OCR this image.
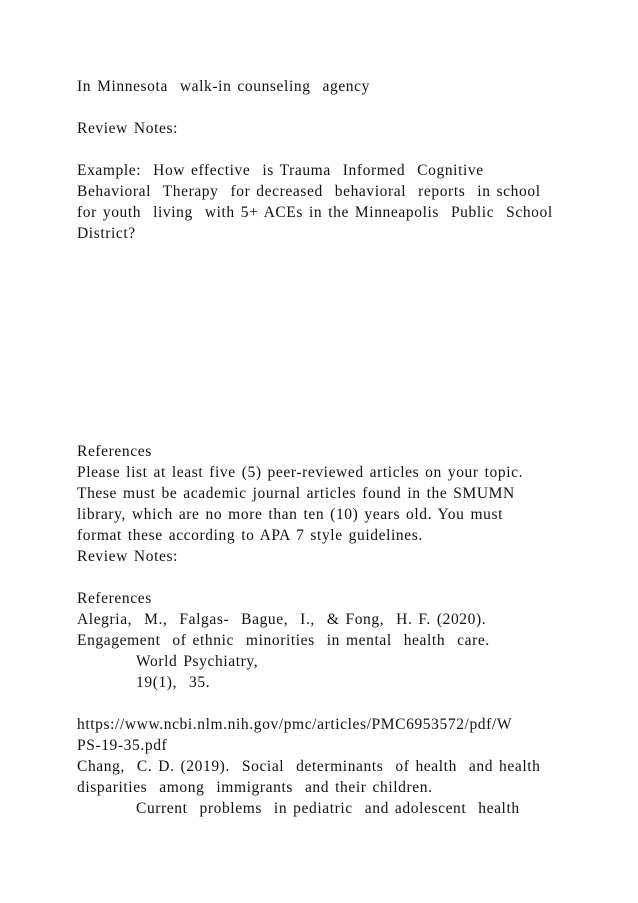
In Minnesota  walk-in counseling  agency
Review Notes:
Example:  How effective  is Trauma  Informed  Cognitive
Behavioral  Therapy  for decreased  behavioral  reports  in school
for youth  living  with 5+ ACEs in the Minneapolis  Public  School
District?
References
Please list at least five (5) peer-reviewed articles on your topic.
These must be academic journal articles found in the SMUMN
library, which are no more than ten (10) years old. You must
format these according to APA 7 style guidelines.
Review Notes:
References
Alegria,  M.,  Falgas-  Bague,  I.,  & Fong,  H. F. (2020).
Engagement  of ethnic  minorities  in mental  health  care.
World Psychiatry,
19(1),  35.
https://www.ncbi.nlm.nih.gov/pmc/articles/PMC6953572/pdf/W
PS-19-35.pdf
Chang,  C. D. (2019).  Social  determinants  of health  and health
disparities  among  immigrants  and their children.
Current  problems  in pediatric  and adolescent  health
